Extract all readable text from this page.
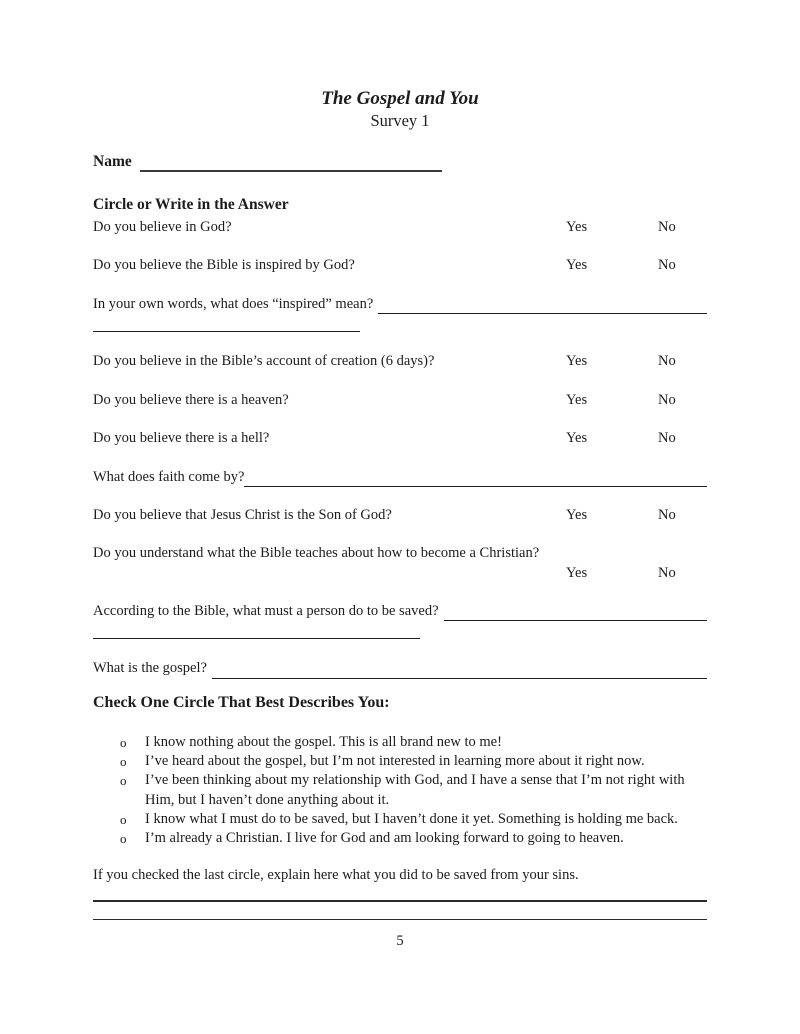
The Gospel and You
Survey 1
Name
Circle or Write in the Answer
Do you believe in God?	Yes	No
Do you believe the Bible is inspired by God?	Yes	No
In your own words, what does “inspired” mean?
Do you believe in the Bible’s account of creation (6 days)?	Yes	No
Do you believe there is a heaven?	Yes	No
Do you believe there is a hell?	Yes	No
What does faith come by?
Do you believe that Jesus Christ is the Son of God?	Yes	No
Do you understand what the Bible teaches about how to become a Christian?
Yes	No
According to the Bible, what must a person do to be saved?
What is the gospel?
Check One Circle That Best Describes You:
o	I know nothing about the gospel. This is all brand new to me!
o	I’ve heard about the gospel, but I’m not interested in learning more about it right now.
o	I’ve been thinking about my relationship with God, and I have a sense that I’m not right with Him, but I haven’t done anything about it.
o	I know what I must do to be saved, but I haven’t done it yet. Something is holding me back.
o	I’m already a Christian. I live for God and am looking forward to going to heaven.
If you checked the last circle, explain here what you did to be saved from your sins.
5
